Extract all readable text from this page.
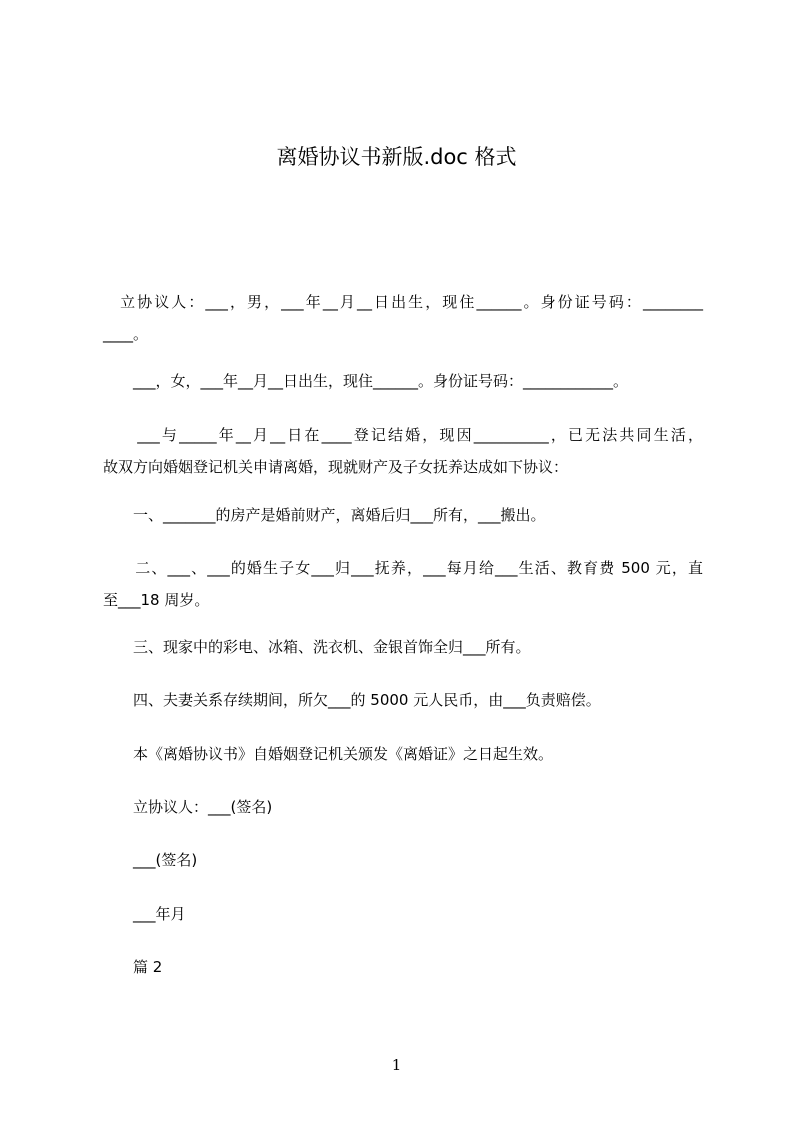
离婚协议书新版.doc 格式
　立协议人：___，男，___年__月__日出生，现住______。身份证号码：________
____。
　　___，女，___年__月__日出生，现住______。身份证号码：____________。
　　___与_____年__月__日在____登记结婚，现因__________，已无法共同生活，
故双方向婚姻登记机关申请离婚，现就财产及子女抚养达成如下协议：
　　一、_______的房产是婚前财产，离婚后归___所有，___搬出。
　　二、___、___的婚生子女___归___抚养，___每月给___生活、教育费 500 元，直
至___18 周岁。
　　三、现家中的彩电、冰箱、洗衣机、金银首饰全归___所有。
　　四、夫妻关系存续期间，所欠___的 5000 元人民币，由___负责赔偿。
　　本《离婚协议书》自婚姻登记机关颁发《离婚证》之日起生效。
　　立协议人：___(签名)
　　___(签名)
　　___年月
　　篇 2
1
